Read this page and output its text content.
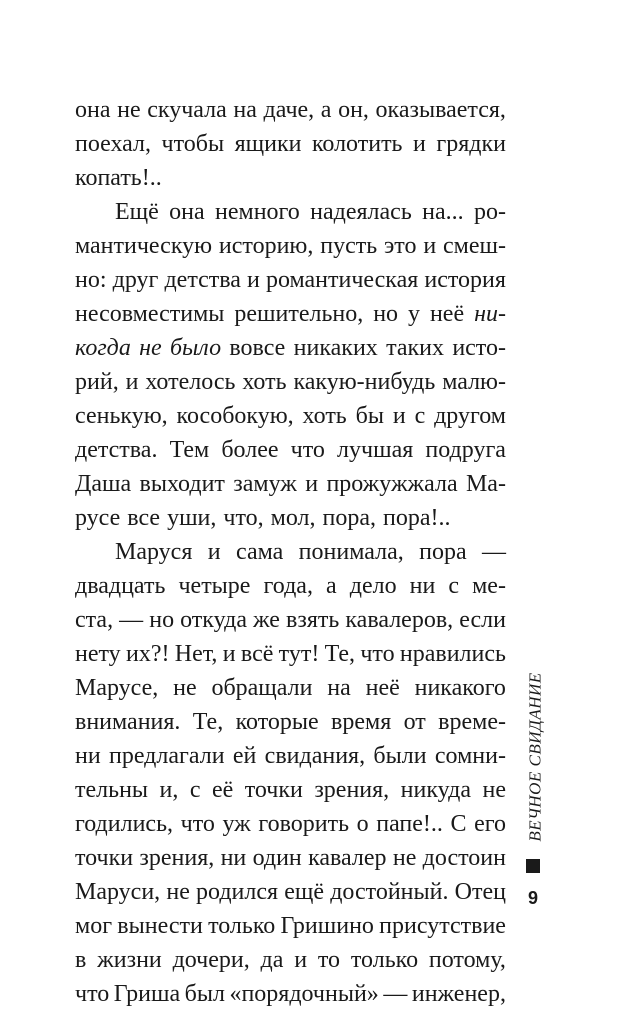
она не скучала на даче, а он, оказывается,
поехал, чтобы ящики колотить и грядки
копать!..
Ещё она немного надеялась на... ро-
мантическую историю, пусть это и смеш-
но: друг детства и романтическая история
несовместимы решительно, но у неё ни-
когда не было вовсе никаких таких исто-
рий, и хотелось хоть какую-нибудь малю-
сенькую, кособокую, хоть бы и с другом
детства. Тем более что лучшая подруга
Даша выходит замуж и прожужжала Ма-
русе все уши, что, мол, пора, пора!..
Маруся и сама понимала, пора —
двадцать четыре года, а дело ни с ме-
ста, — но откуда же взять кавалеров, если
нету их?! Нет, и всё тут! Те, что нравились
Марусе, не обращали на неё никакого
внимания. Те, которые время от време-
ни предлагали ей свидания, были сомни-
тельны и, с её точки зрения, никуда не
годились, что уж говорить о папе!.. С его
точки зрения, ни один кавалер не достоин
Маруси, не родился ещё достойный. Отец
мог вынести только Гришино присутствие
в жизни дочери, да и то только потому,
что Гриша был «порядочный» — инженер,
ВЕЧНОЕ СВИДАНИЕ
9
